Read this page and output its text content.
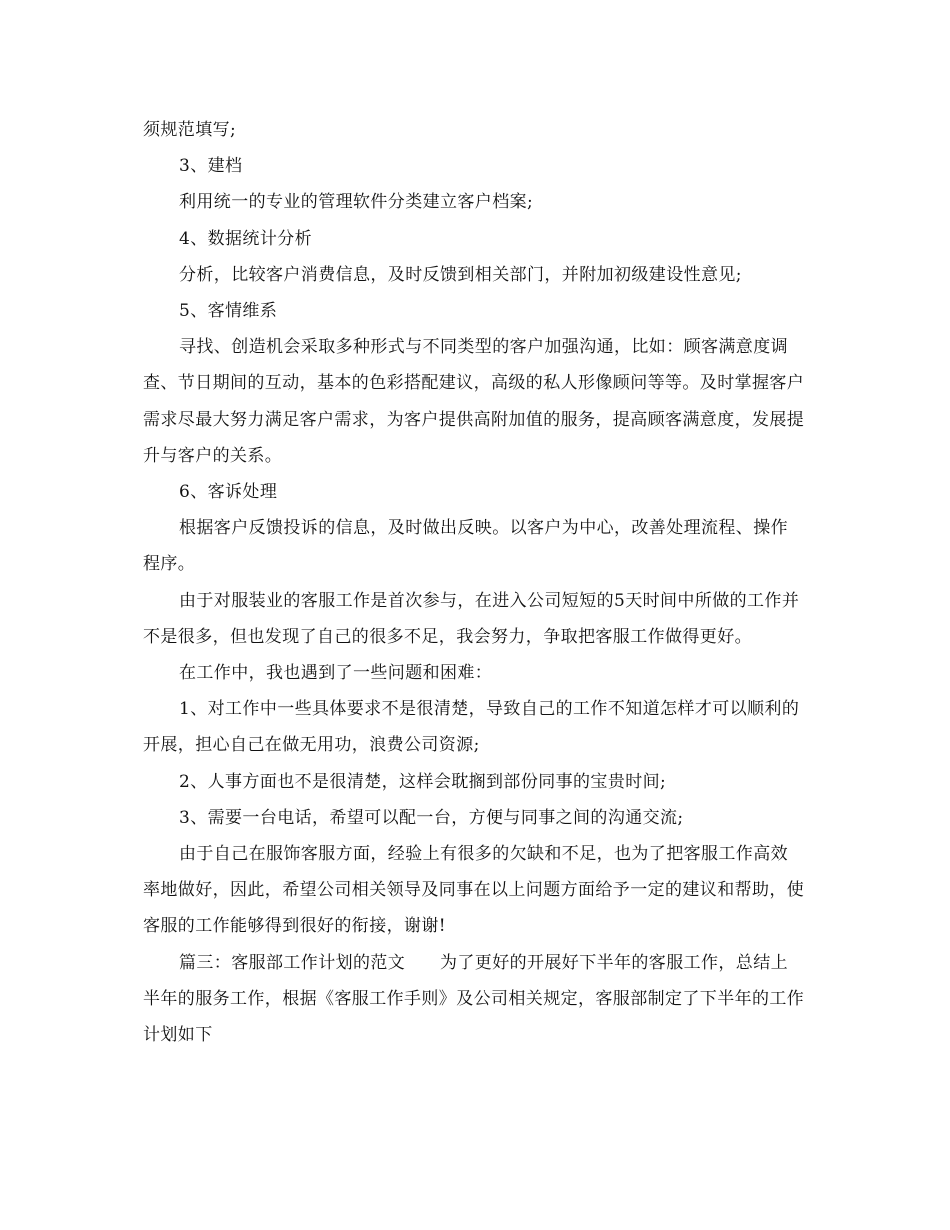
须规范填写;

3、建档

利用统一的专业的管理软件分类建立客户档案;

4、数据统计分析

分析，比较客户消费信息，及时反馈到相关部门，并附加初级建设性意见;

5、客情维系

寻找、创造机会采取多种形式与不同类型的客户加强沟通，比如：顾客满意度调查、节日期间的互动，基本的色彩搭配建议，高级的私人形像顾问等等。及时掌握客户需求尽最大努力满足客户需求，为客户提供高附加值的服务，提高顾客满意度，发展提升与客户的关系。

6、客诉处理

根据客户反馈投诉的信息，及时做出反映。以客户为中心，改善处理流程、操作程序。

由于对服装业的客服工作是首次参与，在进入公司短短的5天时间中所做的工作并不是很多，但也发现了自己的很多不足，我会努力，争取把客服工作做得更好。

在工作中，我也遇到了一些问题和困难：

1、对工作中一些具体要求不是很清楚，导致自己的工作不知道怎样才可以顺利的开展，担心自己在做无用功，浪费公司资源;

2、人事方面也不是很清楚，这样会耽搁到部份同事的宝贵时间;

3、需要一台电话，希望可以配一台，方便与同事之间的沟通交流;

由于自己在服饰客服方面，经验上有很多的欠缺和不足，也为了把客服工作高效率地做好，因此，希望公司相关领导及同事在以上问题方面给予一定的建议和帮助，使客服的工作能够得到很好的衔接，谢谢!

篇三：客服部工作计划的范文　　为了更好的开展好下半年的客服工作，总结上半年的服务工作，根据《客服工作手则》及公司相关规定，客服部制定了下半年的工作计划如下
